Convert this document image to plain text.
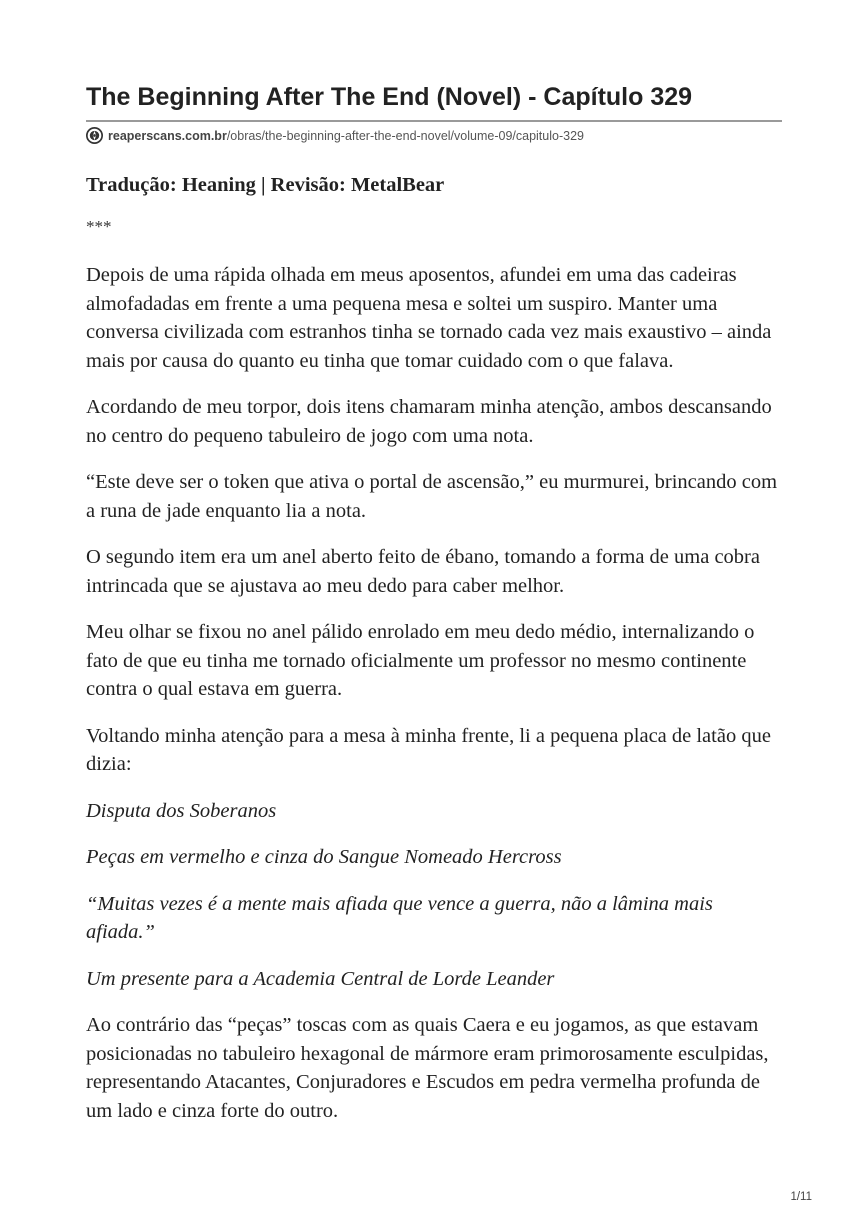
The Beginning After The End (Novel) - Capítulo 329
reaperscans.com.br /obras/the-beginning-after-the-end-novel/volume-09/capitulo-329

Tradução: Heaning | Revisão: MetalBear

***

Depois de uma rápida olhada em meus aposentos, afundei em uma das cadeiras almofadadas em frente a uma pequena mesa e soltei um suspiro. Manter uma conversa civilizada com estranhos tinha se tornado cada vez mais exaustivo – ainda mais por causa do quanto eu tinha que tomar cuidado com o que falava.

Acordando de meu torpor, dois itens chamaram minha atenção, ambos descansando no centro do pequeno tabuleiro de jogo com uma nota.

“Este deve ser o token que ativa o portal de ascensão,” eu murmurei, brincando com a runa de jade enquanto lia a nota.

O segundo item era um anel aberto feito de ébano, tomando a forma de uma cobra intrincada que se ajustava ao meu dedo para caber melhor.

Meu olhar se fixou no anel pálido enrolado em meu dedo médio, internalizando o fato de que eu tinha me tornado oficialmente um professor no mesmo continente contra o qual estava em guerra.

Voltando minha atenção para a mesa à minha frente, li a pequena placa de latão que dizia:

Disputa dos Soberanos

Peças em vermelho e cinza do Sangue Nomeado Hercross

“Muitas vezes é a mente mais afiada que vence a guerra, não a lâmina mais afiada.”

Um presente para a Academia Central de Lorde Leander

Ao contrário das “peças” toscas com as quais Caera e eu jogamos, as que estavam posicionadas no tabuleiro hexagonal de mármore eram primorosamente esculpidas, representando Atacantes, Conjuradores e Escudos em pedra vermelha profunda de um lado e cinza forte do outro.

1/11
